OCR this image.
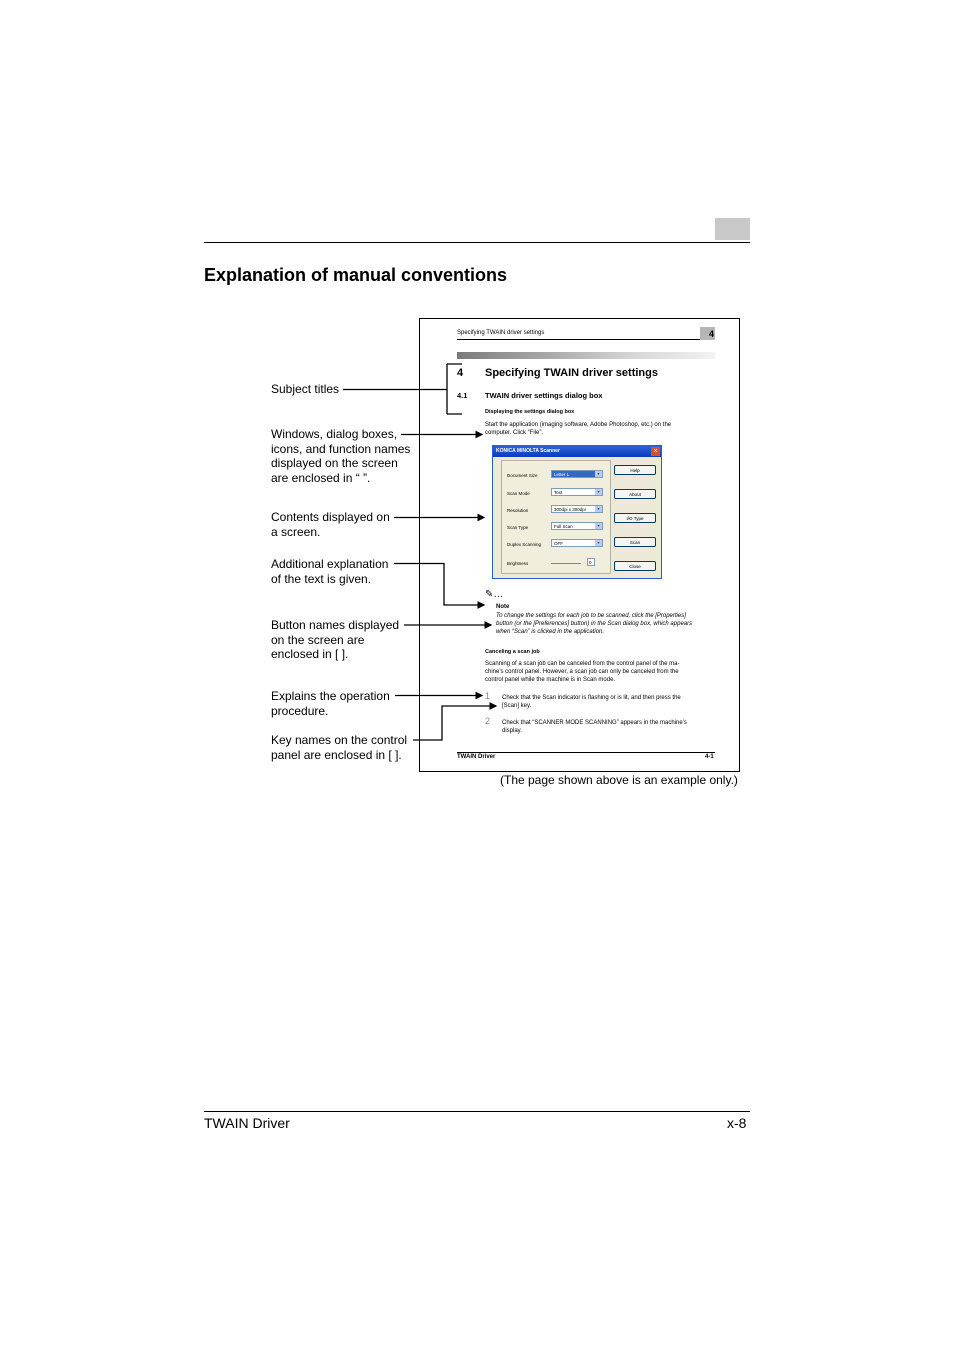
Explanation of manual conventions
Specifying TWAIN driver settings	4
4 Specifying TWAIN driver settings
4.1 TWAIN driver settings dialog box
Displaying the settings dialog box
Start the application (imaging software, Adobe Photoshop, etc.) on the
computer. Click “File”.
KONICA MINOLTA Scanner	×
Document Size	Letter L	▾
Scan Mode	Text	▾
Resolution	300dpi x 300dpi	▾
Scan Type	Full Scan	▾
Duplex Scanning	OFF	▾
Brightness	0
Help
About
I/O Type
Scan
Close
✎…
Note
To change the settings for each job to be scanned, click the [Properties]
button (or the [Preferences] button) in the Scan dialog box, which appears
when “Scan” is clicked in the application.
Canceling a scan job
Scanning of a scan job can be canceled from the control panel of the ma-
chine's control panel. However, a scan job can only be canceled from the
control panel while the machine is in Scan mode.
1 Check that the Scan indicator is flashing or is lit, and then press the
[Scan] key.
2 Check that “SCANNER MODE SCANNING” appears in the machine's
display.
TWAIN Driver	4-1
(The page shown above is an example only.)
Subject titles
Windows, dialog boxes,
icons, and function names
displayed on the screen
are enclosed in “ ”.
Contents displayed on
a screen.
Additional explanation
of the text is given.
Button names displayed
on the screen are
enclosed in [ ].
Explains the operation
procedure.
Key names on the control
panel are enclosed in [ ].
TWAIN Driver	x-8
